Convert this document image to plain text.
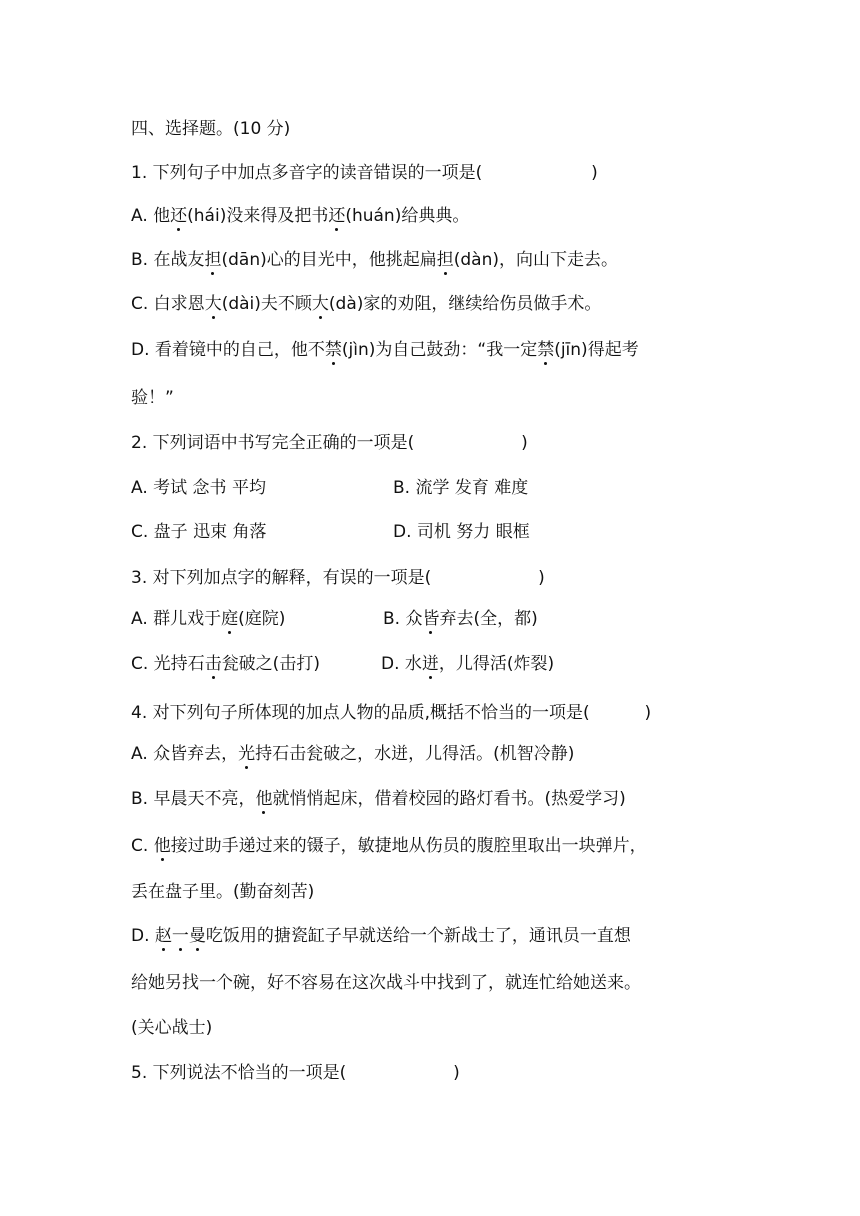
四、选择题。(10 分)
1. 下列句子中加点多音字的读音错误的一项是(	)
A. 他还(hái)没来得及把书还(huán)给典典。
B. 在战友担(dān)心的目光中，他挑起扁担(dàn)，向山下走去。
C. 白求恩大(dài)夫不顾大(dà)家的劝阻，继续给伤员做手术。
D. 看着镜中的自己，他不禁(jìn)为自己鼓劲：“我一定禁(jīn)得起考
验！”
2. 下列词语中书写完全正确的一项是(	)
A. 考试 念书 平均	B. 流学 发育 难度
C. 盘子 迅束 角落	D. 司机 努力 眼框
3. 对下列加点字的解释，有误的一项是(	)
A. 群儿戏于庭(庭院)	B. 众皆弃去(全，都)
C. 光持石击瓮破之(击打)	D. 水迸，儿得活(炸裂)
4. 对下列句子所体现的加点人物的品质,概括不恰当的一项是(	)
A. 众皆弃去，光持石击瓮破之，水迸，儿得活。(机智冷静)
B. 早晨天不亮，他就悄悄起床，借着校园的路灯看书。(热爱学习)
C. 他接过助手递过来的镊子，敏捷地从伤员的腹腔里取出一块弹片，
丢在盘子里。(勤奋刻苦)
D. 赵一曼吃饭用的搪瓷缸子早就送给一个新战士了，通讯员一直想
给她另找一个碗，好不容易在这次战斗中找到了，就连忙给她送来。
(关心战士)
5. 下列说法不恰当的一项是(	)
